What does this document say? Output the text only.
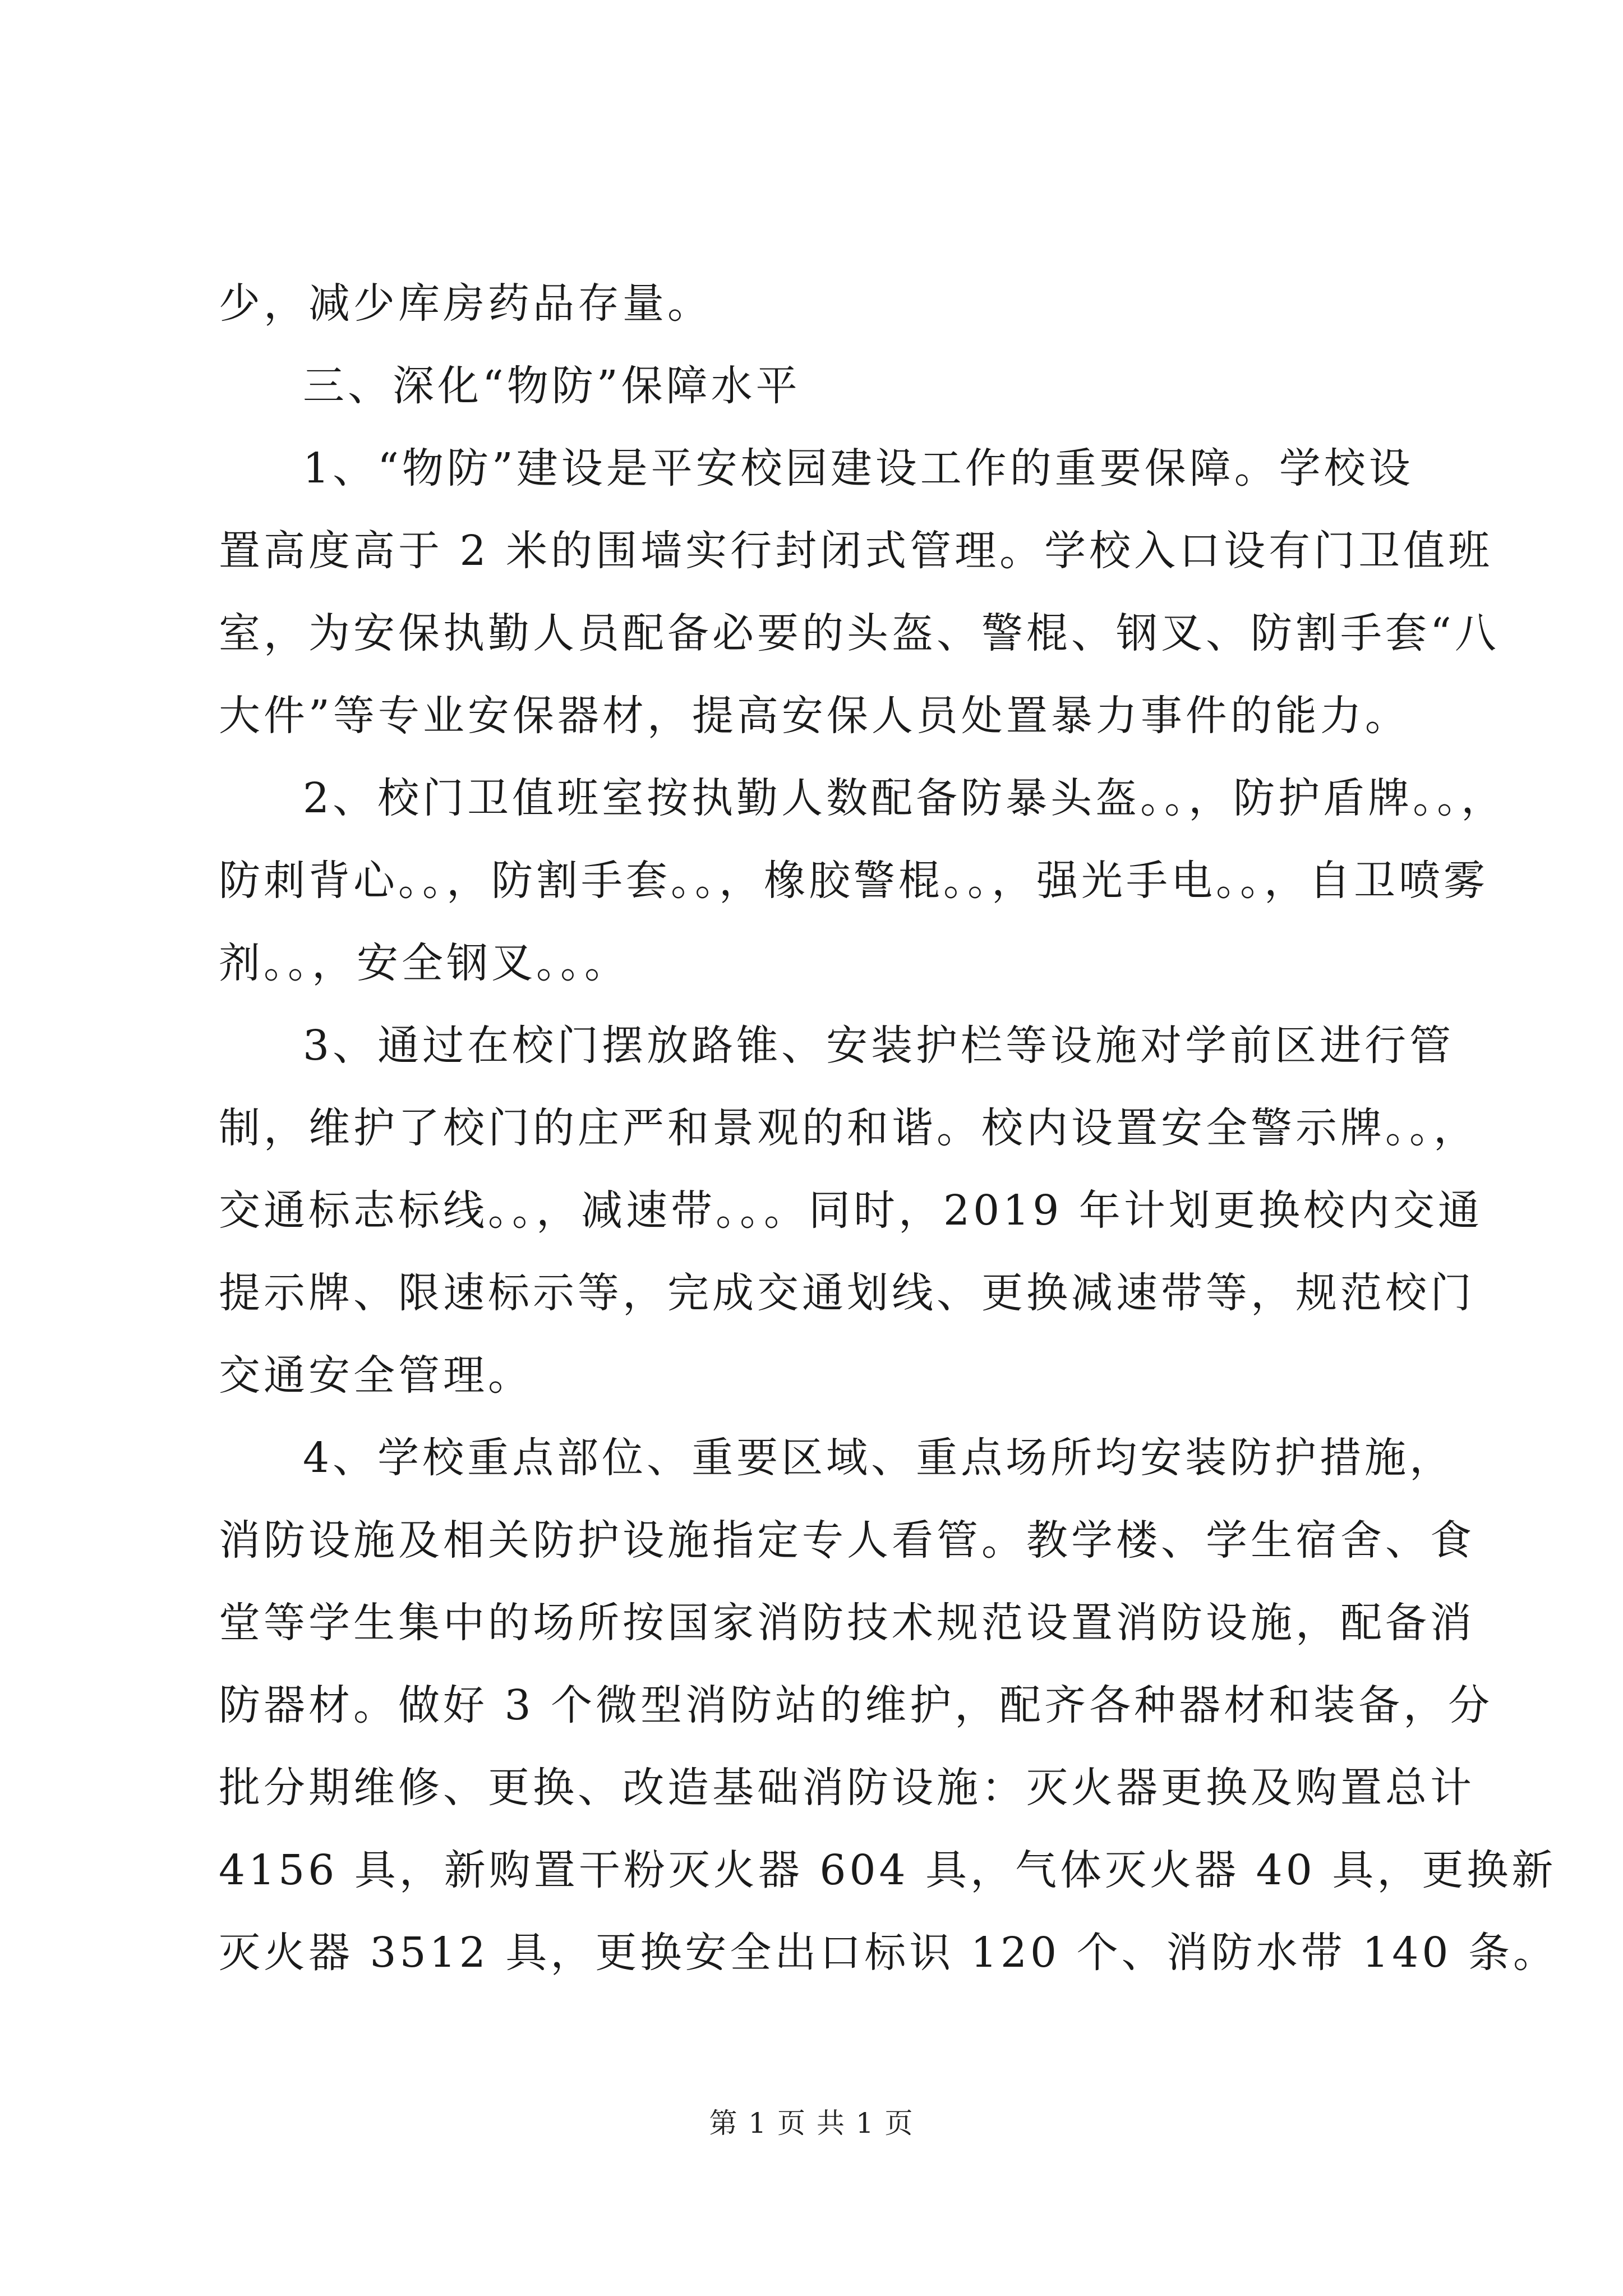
少，减少库房药品存量。
三、深化“物防”保障水平
1、“物防”建设是平安校园建设工作的重要保障。学校设
置高度高于 2 米的围墙实行封闭式管理。学校入口设有门卫值班
室，为安保执勤人员配备必要的头盔、警棍、钢叉、防割手套“八
大件”等专业安保器材，提高安保人员处置暴力事件的能力。
2、校门卫值班室按执勤人数配备防暴头盔。。，防护盾牌。。，
防刺背心。。，防割手套。。，橡胶警棍。。，强光手电。。，自卫喷雾
剂。。，安全钢叉。。。
3、通过在校门摆放路锥、安装护栏等设施对学前区进行管
制，维护了校门的庄严和景观的和谐。校内设置安全警示牌。。，
交通标志标线。。，减速带。。。同时，2019 年计划更换校内交通
提示牌、限速标示等，完成交通划线、更换减速带等，规范校门
交通安全管理。
4、学校重点部位、重要区域、重点场所均安装防护措施，
消防设施及相关防护设施指定专人看管。教学楼、学生宿舍、食
堂等学生集中的场所按国家消防技术规范设置消防设施，配备消
防器材。做好 3 个微型消防站的维护，配齐各种器材和装备，分
批分期维修、更换、改造基础消防设施：灭火器更换及购置总计
4156 具，新购置干粉灭火器 604 具，气体灭火器 40 具，更换新
灭火器 3512 具，更换安全出口标识 120 个、消防水带 140 条。
第 1 页 共 1 页
